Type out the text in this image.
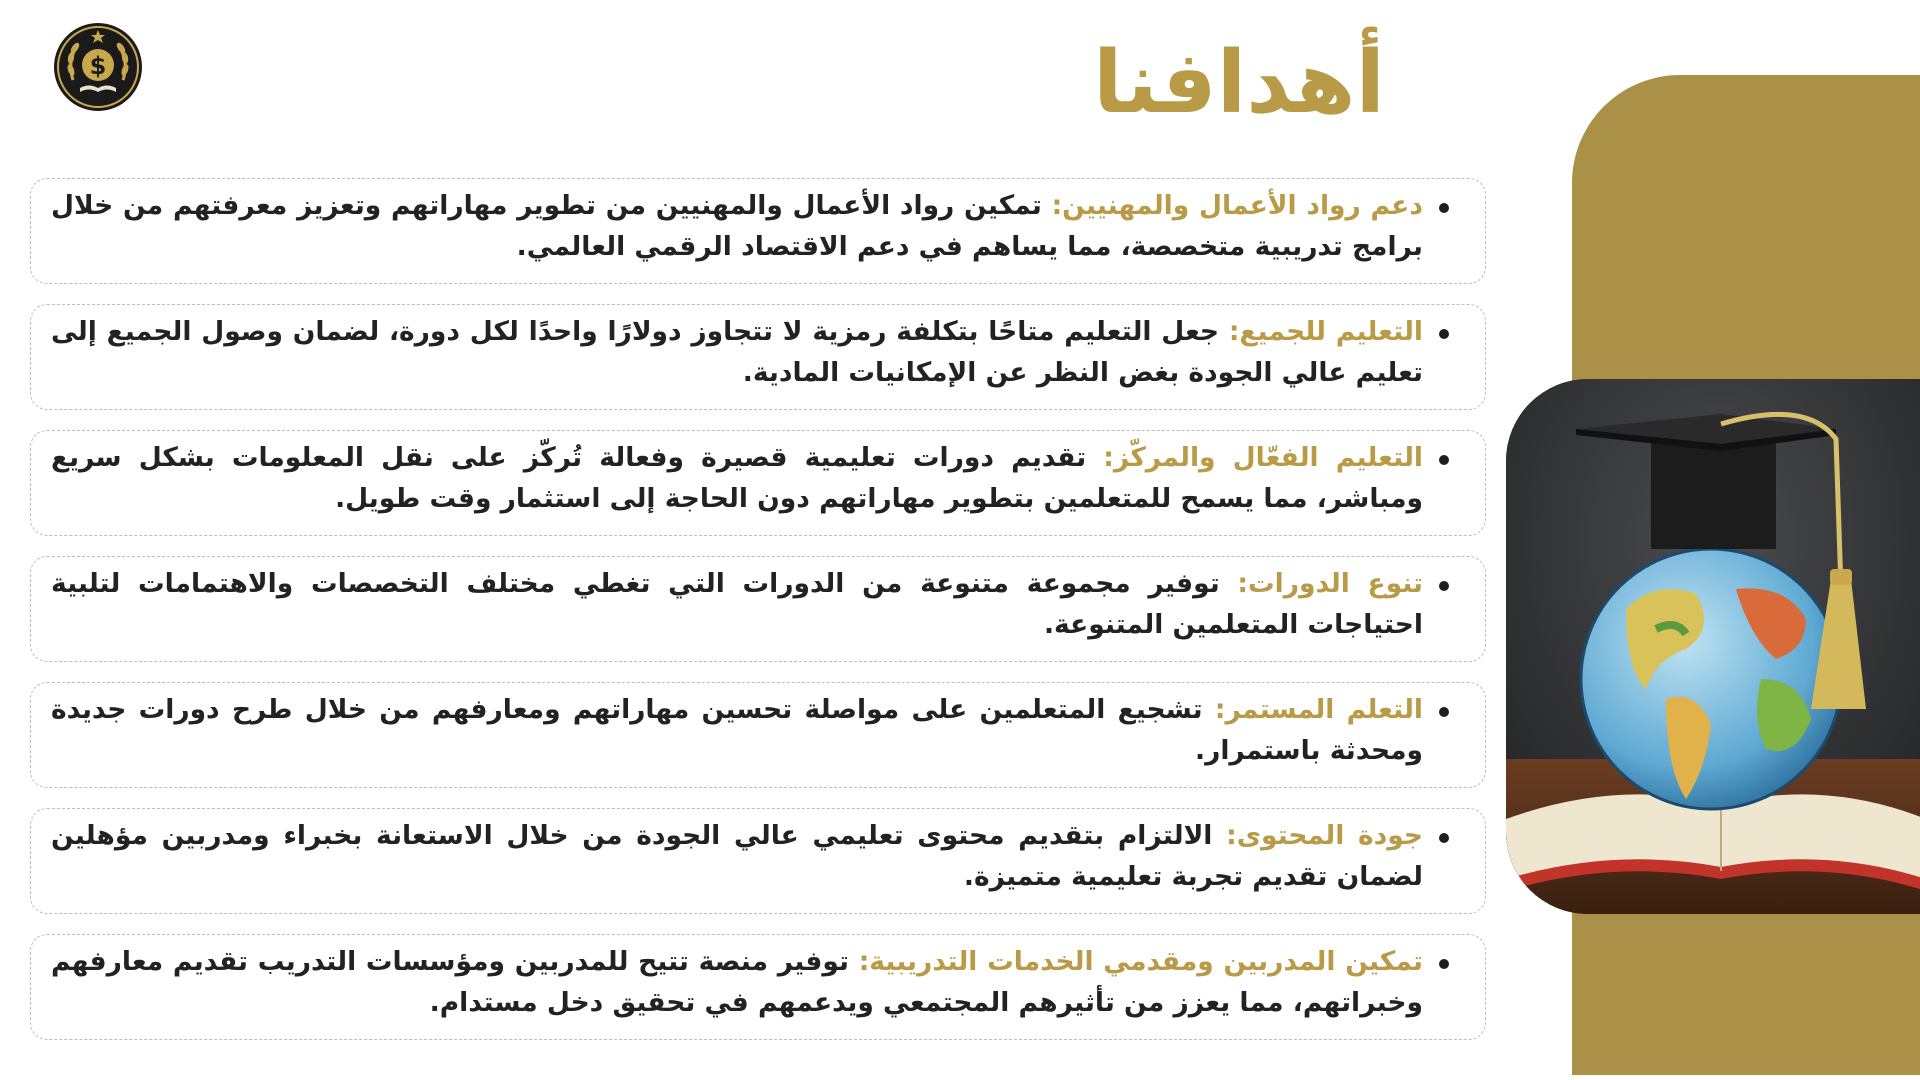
$	أهدافنا
دعم رواد الأعمال والمهنيين: تمكين رواد الأعمال والمهنيين من تطوير مهاراتهم وتعزيز معرفتهم من خلال برامج تدريبية متخصصة، مما يساهم في دعم الاقتصاد الرقمي العالمي.
التعليم للجميع: جعل التعليم متاحًا بتكلفة رمزية لا تتجاوز دولارًا واحدًا لكل دورة، لضمان وصول الجميع إلى تعليم عالي الجودة بغض النظر عن الإمكانيات المادية.
التعليم الفعّال والمركّز: تقديم دورات تعليمية قصيرة وفعالة تُركّز على نقل المعلومات بشكل سريع ومباشر، مما يسمح للمتعلمين بتطوير مهاراتهم دون الحاجة إلى استثمار وقت طويل.
تنوع الدورات: توفير مجموعة متنوعة من الدورات التي تغطي مختلف التخصصات والاهتمامات لتلبية احتياجات المتعلمين المتنوعة.
التعلم المستمر: تشجيع المتعلمين على مواصلة تحسين مهاراتهم ومعارفهم من خلال طرح دورات جديدة ومحدثة باستمرار.
جودة المحتوى: الالتزام بتقديم محتوى تعليمي عالي الجودة من خلال الاستعانة بخبراء ومدربين مؤهلين لضمان تقديم تجربة تعليمية متميزة.
تمكين المدربين ومقدمي الخدمات التدريبية: توفير منصة تتيح للمدربين ومؤسسات التدريب تقديم معارفهم وخبراتهم، مما يعزز من تأثيرهم المجتمعي ويدعمهم في تحقيق دخل مستدام.
